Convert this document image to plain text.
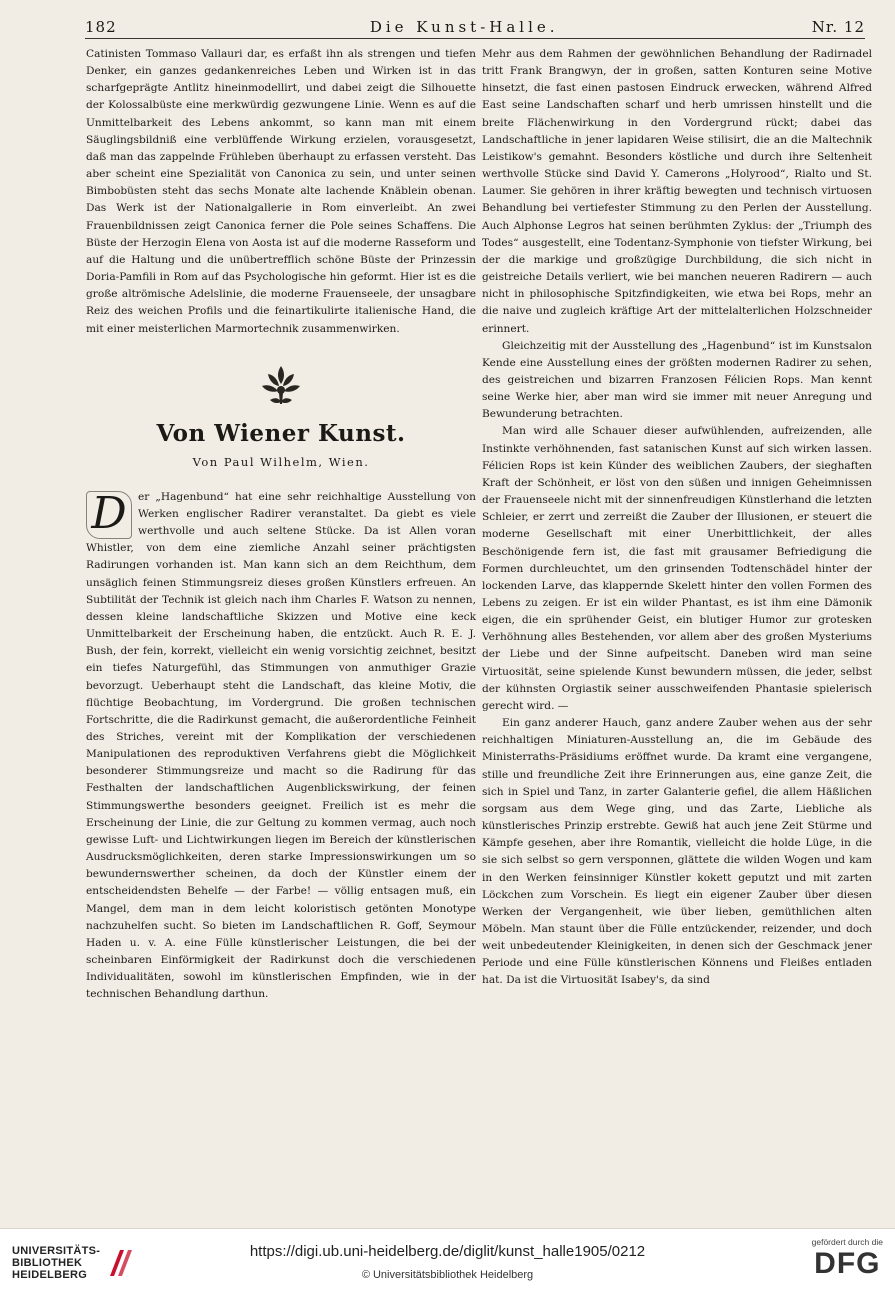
182	Die Kunst-Halle.	Nr. 12

Catinisten Tommaso Vallauri dar, es erfaßt ihn als strengen und tiefen Denker, ein ganzes gedankenreiches Leben und Wirken ist in das scharfgeprägte Antlitz hineinmodellirt, und dabei zeigt die Silhouette der Kolossalbüste eine merkwürdig gezwungene Linie. Wenn es auf die Unmittelbarkeit des Lebens ankommt, so kann man mit einem Säuglingsbildniß eine verblüffende Wirkung erzielen, vorausgesetzt, daß man das zappelnde Frühleben überhaupt zu erfassen versteht. Das aber scheint eine Spezialität von Canonica zu sein, und unter seinen Bimbobüsten steht das sechs Monate alte lachende Knäblein obenan. Das Werk ist der Nationalgallerie in Rom einverleibt. An zwei Frauenbildnissen zeigt Canonica ferner die Pole seines Schaffens. Die Büste der Herzogin Elena von Aosta ist auf die moderne Rasseform und auf die Haltung und die unübertrefflich schöne Büste der Prinzessin Doria-Pamfili in Rom auf das Psychologische hin geformt. Hier ist es die große altrömische Adelslinie, die moderne Frauenseele, der unsagbare Reiz des weichen Profils und die feinartikulirte italienische Hand, die mit einer meisterlichen Marmortechnik zusammenwirken.

Von Wiener Kunst.
Von Paul Wilhelm, Wien.
D	er „Hagenbund“ hat eine sehr reichhaltige Ausstellung von Werken englischer Radirer veranstaltet. Da giebt es viele werthvolle und auch seltene Stücke. Da ist Allen voran Whistler, von dem eine ziemliche Anzahl seiner prächtigsten Radirungen vorhanden ist. Man kann sich an dem Reichthum, dem unsäglich feinen Stimmungsreiz dieses großen Künstlers erfreuen. An Subtilität der Technik ist gleich nach ihm Charles F. Watson zu nennen, dessen kleine landschaftliche Skizzen und Motive eine keck Unmittelbarkeit der Erscheinung haben, die entzückt. Auch R. E. J. Bush, der fein, korrekt, vielleicht ein wenig vorsichtig zeichnet, besitzt ein tiefes Naturgefühl, das Stimmungen von anmuthiger Grazie bevorzugt. Ueberhaupt steht die Landschaft, das kleine Motiv, die flüchtige Beobachtung, im Vordergrund. Die großen technischen Fortschritte, die die Radirkunst gemacht, die außerordentliche Feinheit des Striches, vereint mit der Komplikation der verschiedenen Manipulationen des reproduktiven Verfahrens giebt die Möglichkeit besonderer Stimmungsreize und macht so die Radirung für das Festhalten der landschaftlichen Augenblickswirkung, der feinen Stimmungswerthe besonders geeignet. Freilich ist es mehr die Erscheinung der Linie, die zur Geltung zu kommen vermag, auch noch gewisse Luft- und Lichtwirkungen liegen im Bereich der künstlerischen Ausdrucksmöglichkeiten, deren starke Impressionswirkungen um so bewundernswerther scheinen, da doch der Künstler einem der entscheidendsten Behelfe — der Farbe! — völlig entsagen muß, ein Mangel, dem man in dem leicht koloristisch getönten Monotype nachzuhelfen sucht. So bieten im Landschaftlichen R. Goff, Seymour Haden u. v. A. eine Fülle künstlerischer Leistungen, die bei der scheinbaren Einförmigkeit der Radirkunst doch die verschiedenen Individualitäten, sowohl im künstlerischen Empfinden, wie in der technischen Behandlung darthun.

Mehr aus dem Rahmen der gewöhnlichen Behandlung der Radirnadel tritt Frank Brangwyn, der in großen, satten Konturen seine Motive hinsetzt, die fast einen pastosen Eindruck erwecken, während Alfred East seine Landschaften scharf und herb umrissen hinstellt und die breite Flächenwirkung in den Vordergrund rückt; dabei das Landschaftliche in jener lapidaren Weise stilisirt, die an die Maltechnik Leistikow's gemahnt. Besonders köstliche und durch ihre Seltenheit werthvolle Stücke sind David Y. Camerons „Holyrood“, Rialto und St. Laumer. Sie gehören in ihrer kräftig bewegten und technisch virtuosen Behandlung bei vertiefester Stimmung zu den Perlen der Ausstellung. Auch Alphonse Legros hat seinen berühmten Zyklus: der „Triumph des Todes“ ausgestellt, eine Todentanz-Symphonie von tiefster Wirkung, bei der die markige und großzügige Durchbildung, die sich nicht in geistreiche Details verliert, wie bei manchen neueren Radirern — auch nicht in philosophische Spitzfindigkeiten, wie etwa bei Rops, mehr an die naive und zugleich kräftige Art der mittelalterlichen Holzschneider erinnert.

Gleichzeitig mit der Ausstellung des „Hagenbund“ ist im Kunstsalon Kende eine Ausstellung eines der größten modernen Radirer zu sehen, des geistreichen und bizarren Franzosen Félicien Rops. Man kennt seine Werke hier, aber man wird sie immer mit neuer Anregung und Bewunderung betrachten.

Man wird alle Schauer dieser aufwühlenden, aufreizenden, alle Instinkte verhöhnenden, fast satanischen Kunst auf sich wirken lassen. Félicien Rops ist kein Künder des weiblichen Zaubers, der sieghaften Kraft der Schönheit, er löst von den süßen und innigen Geheimnissen der Frauenseele nicht mit der sinnenfreudigen Künstlerhand die letzten Schleier, er zerrt und zerreißt die Zauber der Illusionen, er steuert die moderne Gesellschaft mit einer Unerbittlichkeit, der alles Beschönigende fern ist, die fast mit grausamer Befriedigung die Formen durchleuchtet, um den grinsenden Todtenschädel hinter der lockenden Larve, das klappernde Skelett hinter den vollen Formen des Lebens zu zeigen. Er ist ein wilder Phantast, es ist ihm eine Dämonik eigen, die ein sprühender Geist, ein blutiger Humor zur grotesken Verhöhnung alles Bestehenden, vor allem aber des großen Mysteriums der Liebe und der Sinne aufpeitscht. Daneben wird man seine Virtuosität, seine spielende Kunst bewundern müssen, die jeder, selbst der kühnsten Orgiastik seiner ausschweifenden Phantasie spielerisch gerecht wird. —

Ein ganz anderer Hauch, ganz andere Zauber wehen aus der sehr reichhaltigen Miniaturen-Ausstellung an, die im Gebäude des Ministerraths-Präsidiums eröffnet wurde. Da kramt eine vergangene, stille und freundliche Zeit ihre Erinnerungen aus, eine ganze Zeit, die sich in Spiel und Tanz, in zarter Galanterie gefiel, die allem Häßlichen sorgsam aus dem Wege ging, und das Zarte, Liebliche als künstlerisches Prinzip erstrebte. Gewiß hat auch jene Zeit Stürme und Kämpfe gesehen, aber ihre Romantik, vielleicht die holde Lüge, in die sie sich selbst so gern versponnen, glättete die wilden Wogen und kam in den Werken feinsinniger Künstler kokett geputzt und mit zarten Löckchen zum Vorschein. Es liegt ein eigener Zauber über diesen Werken der Vergangenheit, wie über lieben, gemüthlichen alten Möbeln. Man staunt über die Fülle entzückender, reizender, und doch weit unbedeutender Kleinigkeiten, in denen sich der Geschmack jener Periode und eine Fülle künstlerischen Könnens und Fleißes entladen hat. Da ist die Virtuosität Isabey's, da sind

UNIVERSITÄTS-
BIBLIOTHEK
HEIDELBERG
https://digi.ub.uni-heidelberg.de/diglit/kunst_halle1905/0212
© Universitätsbibliothek Heidelberg
gefördert durch die
DFG
